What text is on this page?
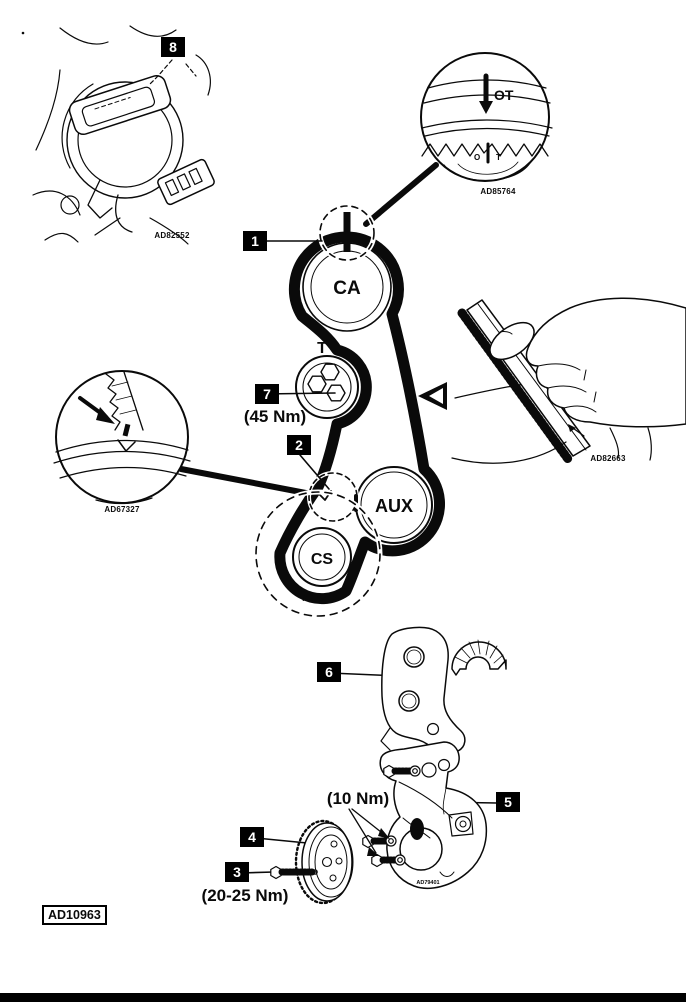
AD82552
OT
O T
AD85764
AD67327
AD82663
CA
T
AUX
CS
AD79402
AD79401
8
1
7
2
6
5
4
3
(45 Nm)
(10 Nm)
(20-25 Nm)
AD10963
